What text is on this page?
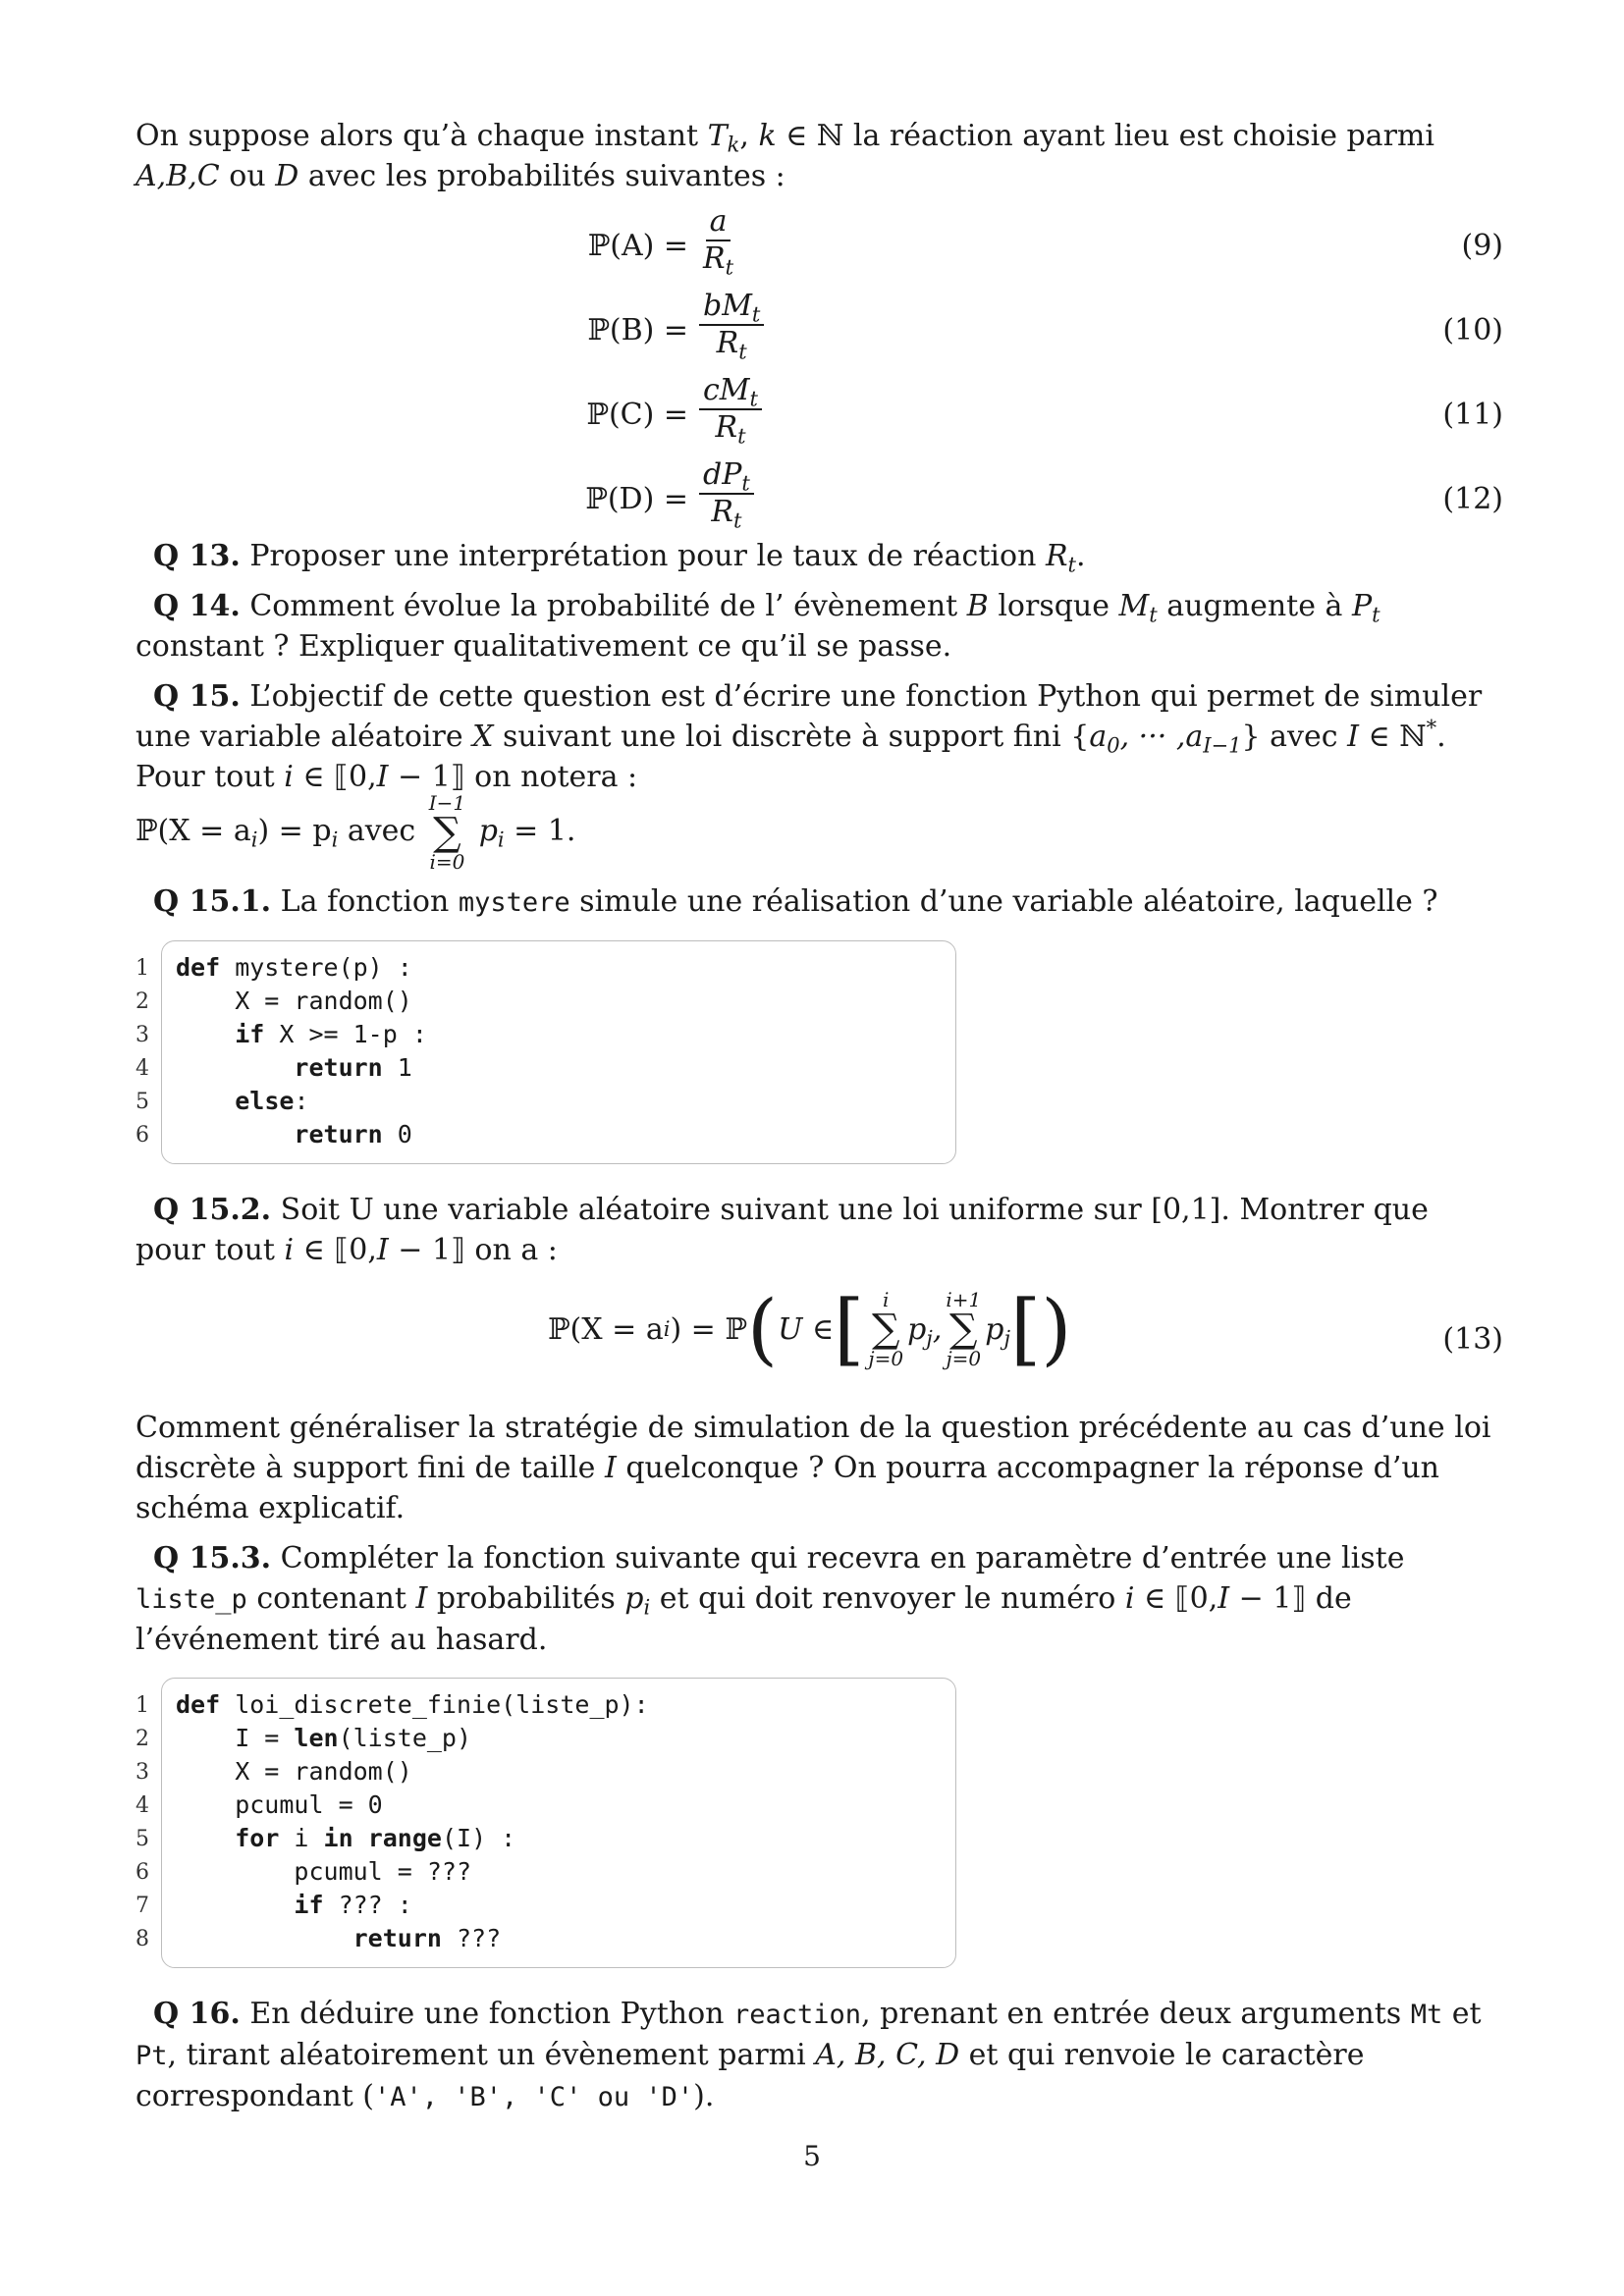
On suppose alors qu’à chaque instant $T_k$, k ∈ ℕ la réaction ayant lieu est choisie parmi A,B,C ou D avec les probabilités suivantes :

ℙ(A) = $\frac{a}{R_t}$	(9)
ℙ(B) =
$bM_t$
$R_t$
(10)
ℙ(C) =
$cM_t$
$R_t$
(11)
ℙ(D) =
$dP_t$
$R_t$
(12)

Q 13. Proposer une interprétation pour le taux de réaction $R_t$.

Q 14. Comment évolue la probabilité de l’ évènement B lorsque $M_t$ augmente à $P_t$ constant ? Expliquer qualitativement ce qu’il se passe.

Q 15. L’objectif de cette question est d’écrire une fonction Python qui permet de simuler une variable aléatoire X suivant une loi discrète à support fini {$a_0$, ··· $,a_{I-1}$} avec I ∈ ℕ*. Pour tout i ∈ ⟦0,I − 1⟧ on notera :

ℙ(X = $a_i) = p_i$ avec
I−1
∑
i=0
$p_i = 1$.

Q 15.1. La fonction mystere simule une réalisation d’une variable aléatoire, laquelle ?

1
2
3
4
5
6
def mystere(p) :
X = random()
if X >= 1-p :
return 1
else:
return 0

Q 15.2. Soit U une variable aléatoire suivant une loi uniforme sur [0,1]. Montrer que pour tout i ∈ ⟦0,I − 1⟧ on a :

ℙ(X = a i ) = ℙ ( U ∈ [ i
∑
j=0
$p_j$,
i+1
∑
j=0
$p_j$ [ )	(13)

Comment généraliser la stratégie de simulation de la question précédente au cas d’une loi discrète à support fini de taille I quelconque ? On pourra accompagner la réponse d’un schéma explicatif.

Q 15.3. Compléter la fonction suivante qui recevra en paramètre d’entrée une liste liste_p contenant I probabilités $p_i$ et qui doit renvoyer le numéro i ∈ ⟦0,I − 1⟧ de l’événement tiré au hasard.

1
2
3
4
5
6
7
8
def loi_discrete_finie(liste_p):
I = len(liste_p)
X = random()
pcumul = 0
for i in range(I) :
pcumul = ???
if ??? :
return ???

Q 16. En déduire une fonction Python reaction, prenant en entrée deux arguments Mt et Pt, tirant aléatoirement un évènement parmi A, B, C, D et qui renvoie le caractère correspondant ('A', 'B', 'C' ou 'D').

5
